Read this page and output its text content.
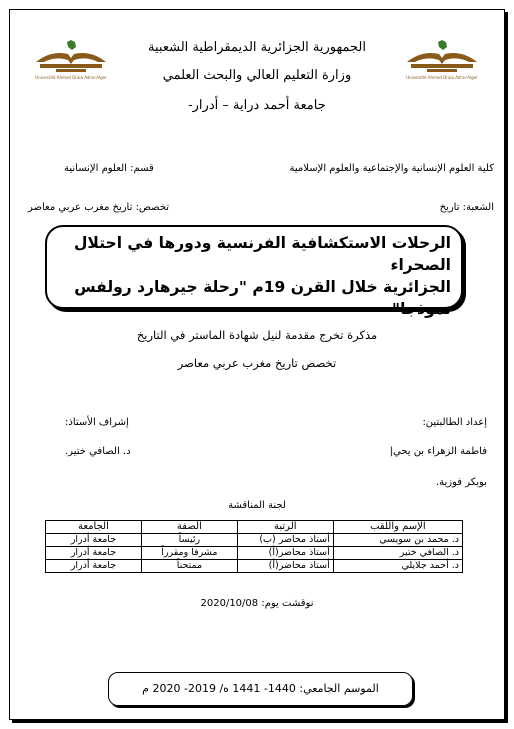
Université Ahmed Draia Adrar-Alger	Université Ahmed Draia Adrar-Alger
الجمهورية الجزائرية الديمقراطية الشعبية
وزارة التعليم العالي والبحث العلمي
جامعة أحمد دراية – أدرار-
كلية العلوم الإنسانية والإجتماعية والعلوم الإسلامية
قسم: العلوم الإنسانية
الشعبة: تاريخ
تخصص: تاريخ مغرب عربي معاصر
الرحلات الاستكشافية الفرنسية ودورها في احتلال الصحراء
الجزائرية خلال القرن 19م "رحلة جيرهارد رولفس
نموذجا"
مذكرة تخرج مقدمة لنيل شهادة الماستر في التاريخ
تخصص تاريخ مغرب عربي معاصر
إعداد الطالبتين:
فاطمة الزهراء بن يحي|
بوبكر فوزية.
إشراف الأستاذ:
د. الصافي ختير.
لجنة المناقشة
الإسم واللقب	الرتبة	الصفة	الجامعة
د. محمد بن سويسي	أستاذ محاضر (ب)	رئيساً	جامعة أدرار
د. الصافي ختير	أستاذ محاضر(أ)	مشرفا ومقرراً	جامعة أدرار
د. أحمد جلايلي	أستاذ محاضر(أ)	ممتحناً	جامعة أدرار
نوقشت يوم: 2020/10/08
الموسم الجامعي: 1440- 1441 ه/ 2019- 2020 م
